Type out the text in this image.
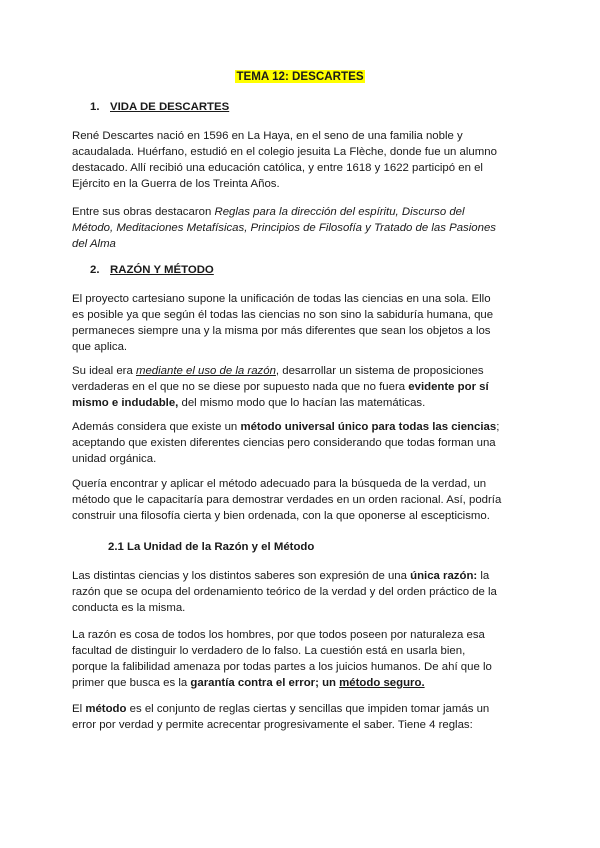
TEMA 12: DESCARTES
1. VIDA DE DESCARTES

René Descartes nació en 1596 en La Haya, en el seno de una familia noble y acaudalada. Huérfano, estudió en el colegio jesuita La Flèche, donde fue un alumno destacado. Allí recibió una educación católica, y entre 1618 y 1622 participó en el Ejército en la Guerra de los Treinta Años.

Entre sus obras destacaron Reglas para la dirección del espíritu, Discurso del Método, Meditaciones Metafísicas, Principios de Filosofía y Tratado de las Pasiones del Alma

2. RAZÓN Y MÉTODO

El proyecto cartesiano supone la unificación de todas las ciencias en una sola. Ello es posible ya que según él todas las ciencias no son sino la sabiduría humana, que permaneces siempre una y la misma por más diferentes que sean los objetos a los que aplica.

Su ideal era mediante el uso de la razón, desarrollar un sistema de proposiciones verdaderas en el que no se diese por supuesto nada que no fuera evidente por sí mismo e indudable, del mismo modo que lo hacían las matemáticas.

Además considera que existe un método universal único para todas las ciencias; aceptando que existen diferentes ciencias pero considerando que todas forman una unidad orgánica.

Quería encontrar y aplicar el método adecuado para la búsqueda de la verdad, un método que le capacitaría para demostrar verdades en un orden racional. Así, podría construir una filosofía cierta y bien ordenada, con la que oponerse al escepticismo.

2.1 La Unidad de la Razón y el Método

Las distintas ciencias y los distintos saberes son expresión de una única razón: la razón que se ocupa del ordenamiento teórico de la verdad y del orden práctico de la conducta es la misma.

La razón es cosa de todos los hombres, por que todos poseen por naturaleza esa facultad de distinguir lo verdadero de lo falso. La cuestión está en usarla bien, porque la falibilidad amenaza por todas partes a los juicios humanos. De ahí que lo primer que busca es la garantía contra el error; un método seguro.

El método es el conjunto de reglas ciertas y sencillas que impiden tomar jamás un error por verdad y permite acrecentar progresivamente el saber. Tiene 4 reglas:
